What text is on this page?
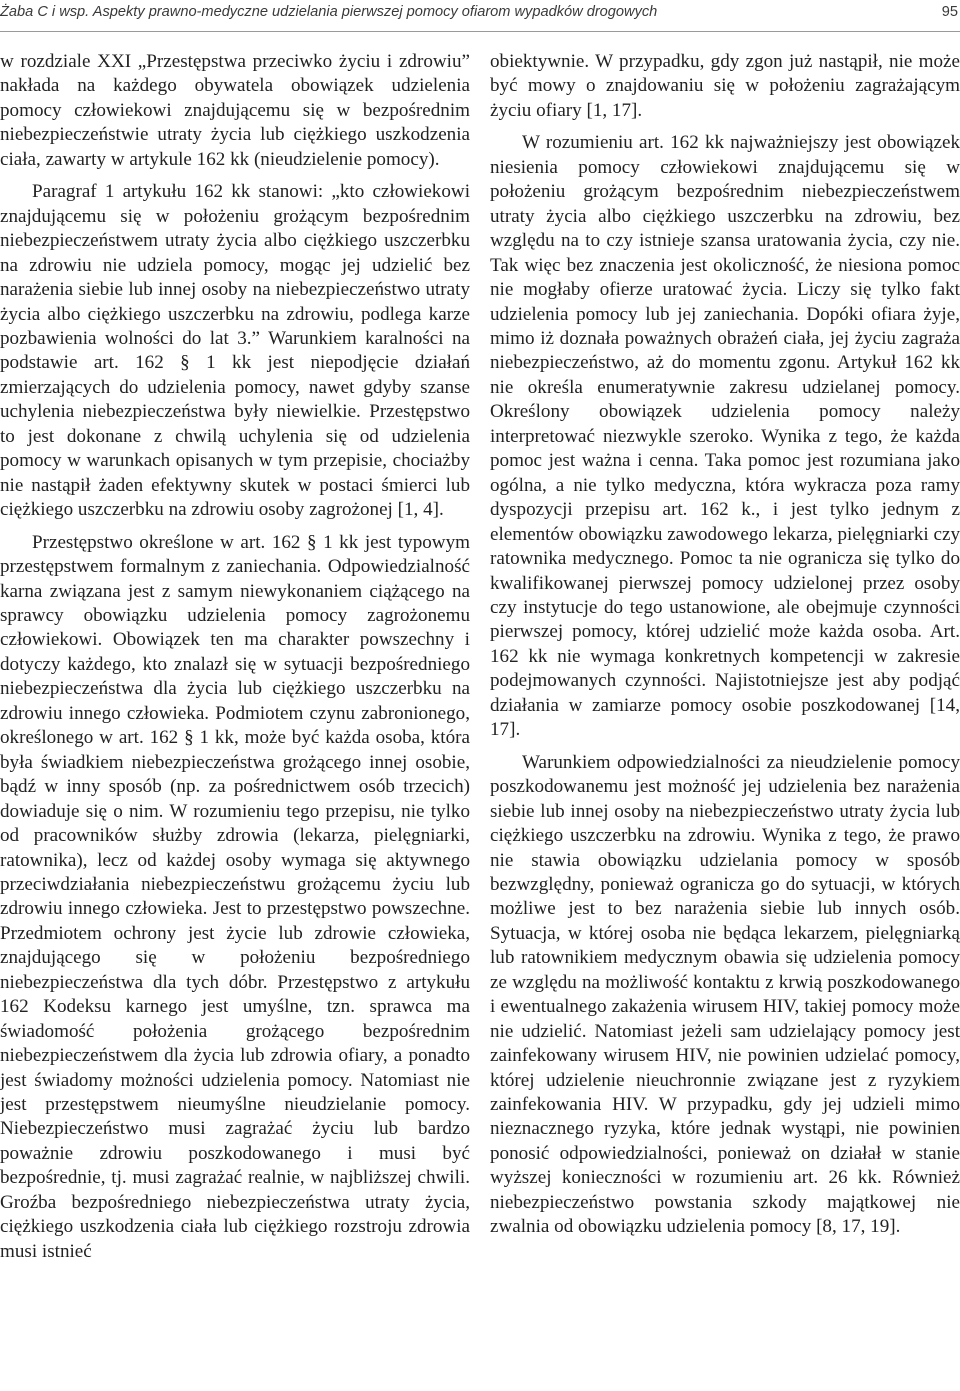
Żaba C i wsp. Aspekty prawno-medyczne udzielania pierwszej pomocy ofiarom wypadków drogowych	95

w rozdziale XXI „Przestępstwa przeciwko życiu i zdrowiu” nakłada na każdego obywatela obowiązek udzielenia pomocy człowiekowi znajdującemu się w bezpośrednim niebezpieczeństwie utraty życia lub ciężkiego uszkodzenia ciała, zawarty w artykule 162 kk (nieudzielenie pomocy).

Paragraf 1 artykułu 162 kk stanowi: „kto człowiekowi znajdującemu się w położeniu grożącym bezpośrednim niebezpieczeństwem utraty życia albo ciężkiego uszczerbku na zdrowiu nie udziela pomocy, mogąc jej udzielić bez narażenia siebie lub innej osoby na niebezpieczeństwo utraty życia albo ciężkiego uszczerbku na zdrowiu, podlega karze pozbawienia wolności do lat 3.” Warunkiem karalności na podstawie art. 162 § 1 kk jest niepodjęcie działań zmierzających do udzielenia pomocy, nawet gdyby szanse uchylenia niebezpieczeństwa były niewielkie. Przestępstwo to jest dokonane z chwilą uchylenia się od udzielenia pomocy w warunkach opisanych w tym przepisie, chociażby nie nastąpił żaden efektywny skutek w postaci śmierci lub ciężkiego uszczerbku na zdrowiu osoby zagrożonej [1, 4].

Przestępstwo określone w art. 162 § 1 kk jest typowym przestępstwem formalnym z zaniechania. Odpowiedzialność karna związana jest z samym niewykonaniem ciążącego na sprawcy obowiązku udzielenia pomocy zagrożonemu człowiekowi. Obowiązek ten ma charakter powszechny i dotyczy każdego, kto znalazł się w sytuacji bezpośredniego niebezpieczeństwa dla życia lub ciężkiego uszczerbku na zdrowiu innego człowieka. Podmiotem czynu zabronionego, określonego w art. 162 § 1 kk, może być każda osoba, która była świadkiem niebezpieczeństwa grożącego innej osobie, bądź w inny sposób (np. za pośrednictwem osób trzecich) dowiaduje się o nim. W rozumieniu tego przepisu, nie tylko od pracowników służby zdrowia (lekarza, pielęgniarki, ratownika), lecz od każdej osoby wymaga się aktywnego przeciwdziałania niebezpieczeństwu grożącemu życiu lub zdrowiu innego człowieka. Jest to przestępstwo powszechne. Przedmiotem ochrony jest życie lub zdrowie człowieka, znajdującego się w położeniu bezpośredniego niebezpieczeństwa dla tych dóbr. Przestępstwo z artykułu 162 Kodeksu karnego jest umyślne, tzn. sprawca ma świadomość położenia grożącego bezpośrednim niebezpieczeństwem dla życia lub zdrowia ofiary, a ponadto jest świadomy możności udzielenia pomocy. Natomiast nie jest przestępstwem nieumyślne nieudzielanie pomocy. Niebezpieczeństwo musi zagrażać życiu lub bardzo poważnie zdrowiu poszkodowanego i musi być bezpośrednie, tj. musi zagrażać realnie, w najbliższej chwili. Groźba bezpośredniego niebezpieczeństwa utraty życia, ciężkiego uszkodzenia ciała lub ciężkiego rozstroju zdrowia musi istnieć

obiektywnie. W przypadku, gdy zgon już nastąpił, nie może być mowy o znajdowaniu się w położeniu zagrażającym życiu ofiary [1, 17].

W rozumieniu art. 162 kk najważniejszy jest obowiązek niesienia pomocy człowiekowi znajdującemu się w położeniu grożącym bezpośrednim niebezpieczeństwem utraty życia albo ciężkiego uszczerbku na zdrowiu, bez względu na to czy istnieje szansa uratowania życia, czy nie. Tak więc bez znaczenia jest okoliczność, że niesiona pomoc nie mogłaby ofierze uratować życia. Liczy się tylko fakt udzielenia pomocy lub jej zaniechania. Dopóki ofiara żyje, mimo iż doznała poważnych obrażeń ciała, jej życiu zagraża niebezpieczeństwo, aż do momentu zgonu. Artykuł 162 kk nie określa enumeratywnie zakresu udzielanej pomocy. Określony obowiązek udzielenia pomocy należy interpretować niezwykle szeroko. Wynika z tego, że każda pomoc jest ważna i cenna. Taka pomoc jest rozumiana jako ogólna, a nie tylko medyczna, która wykracza poza ramy dyspozycji przepisu art. 162 k., i jest tylko jednym z elementów obowiązku zawodowego lekarza, pielęgniarki czy ratownika medycznego. Pomoc ta nie ogranicza się tylko do kwalifikowanej pierwszej pomocy udzielonej przez osoby czy instytucje do tego ustanowione, ale obejmuje czynności pierwszej pomocy, której udzielić może każda osoba. Art. 162 kk nie wymaga konkretnych kompetencji w zakresie podejmowanych czynności. Najistotniejsze jest aby podjąć działania w zamiarze pomocy osobie poszkodowanej [14, 17].

Warunkiem odpowiedzialności za nieudzielenie pomocy poszkodowanemu jest możność jej udzielenia bez narażenia siebie lub innej osoby na niebezpieczeństwo utraty życia lub ciężkiego uszczerbku na zdrowiu. Wynika z tego, że prawo nie stawia obowiązku udzielania pomocy w sposób bezwzględny, ponieważ ogranicza go do sytuacji, w których możliwe jest to bez narażenia siebie lub innych osób. Sytuacja, w której osoba nie będąca lekarzem, pielęgniarką lub ratownikiem medycznym obawia się udzielenia pomocy ze względu na możliwość kontaktu z krwią poszkodowanego i ewentualnego zakażenia wirusem HIV, takiej pomocy może nie udzielić. Natomiast jeżeli sam udzielający pomocy jest zainfekowany wirusem HIV, nie powinien udzielać pomocy, której udzielenie nieuchronnie związane jest z ryzykiem zainfekowania HIV. W przypadku, gdy jej udzieli mimo nieznacznego ryzyka, które jednak wystąpi, nie powinien ponosić odpowiedzialności, ponieważ on działał w stanie wyższej konieczności w rozumieniu art. 26 kk. Również niebezpieczeństwo powstania szkody majątkowej nie zwalnia od obowiązku udzielenia pomocy [8, 17, 19].
